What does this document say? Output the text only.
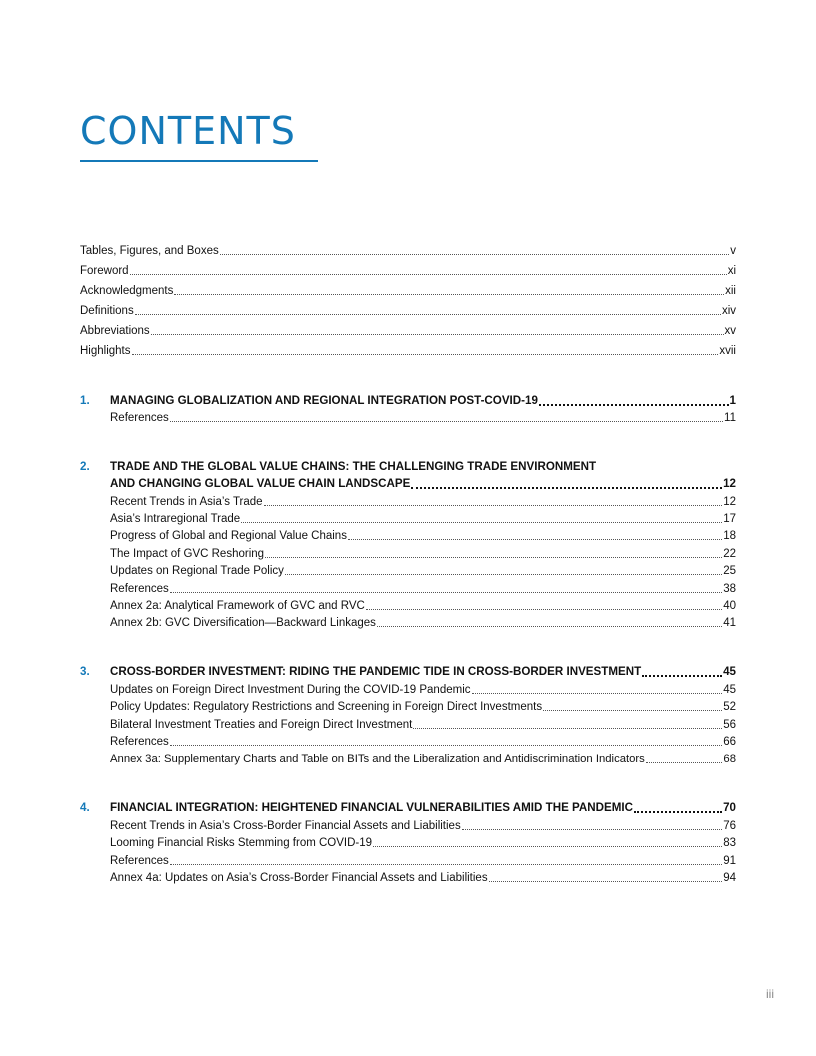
CONTENTS
Tables, Figures, and Boxes	v
Foreword	xi
Acknowledgments	xii
Definitions	xiv
Abbreviations	xv
Highlights	xvii
1. MANAGING GLOBALIZATION AND REGIONAL INTEGRATION POST-COVID-19	1
References	11
2. TRADE AND THE GLOBAL VALUE CHAINS: THE CHALLENGING TRADE ENVIRONMENT
AND CHANGING GLOBAL VALUE CHAIN LANDSCAPE	12
Recent Trends in Asia’s Trade	12
Asia’s Intraregional Trade	17
Progress of Global and Regional Value Chains	18
The Impact of GVC Reshoring	22
Updates on Regional Trade Policy	25
References	38
Annex 2a: Analytical Framework of GVC and RVC	40
Annex 2b: GVC Diversification—Backward Linkages	41
3. CROSS-BORDER INVESTMENT: RIDING THE PANDEMIC TIDE IN CROSS-BORDER INVESTMENT	45
Updates on Foreign Direct Investment During the COVID-19 Pandemic	45
Policy Updates: Regulatory Restrictions and Screening in Foreign Direct Investments	52
Bilateral Investment Treaties and Foreign Direct Investment	56
References	66
Annex 3a: Supplementary Charts and Table on BITs and the Liberalization and Antidiscrimination Indicators	68
4. FINANCIAL INTEGRATION: HEIGHTENED FINANCIAL VULNERABILITIES AMID THE PANDEMIC	70
Recent Trends in Asia’s Cross-Border Financial Assets and Liabilities	76
Looming Financial Risks Stemming from COVID-19	83
References	91
Annex 4a: Updates on Asia’s Cross-Border Financial Assets and Liabilities	94
iii
